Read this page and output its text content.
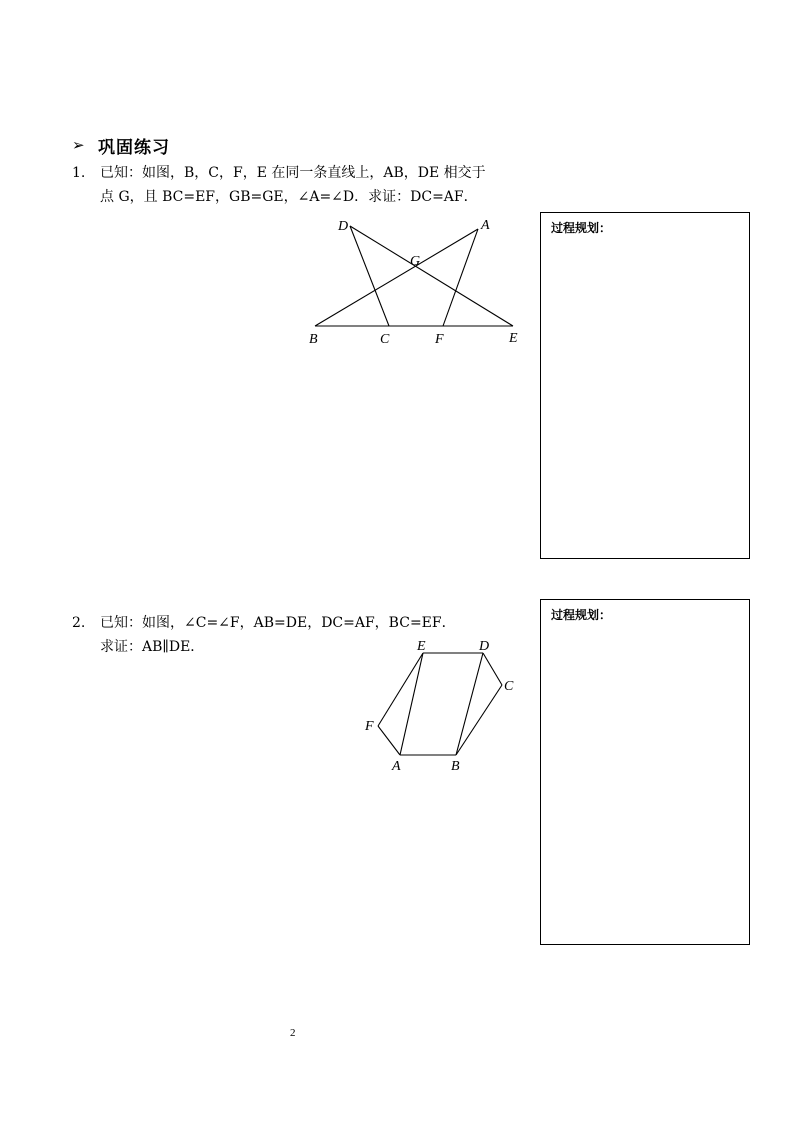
➢ 巩固练习
1. 已知：如图，B，C，F，E 在同一条直线上，AB，DE 相交于
点 G，且 BC=EF，GB=GE，∠A=∠D．求证：DC=AF．
D	A
G
B	C	F	E
过程规划：
2. 已知：如图，∠C=∠F，AB=DE，DC=AF，BC=EF．
求证：AB∥DE．	E	D
C
F
A	B
过程规划：
2
